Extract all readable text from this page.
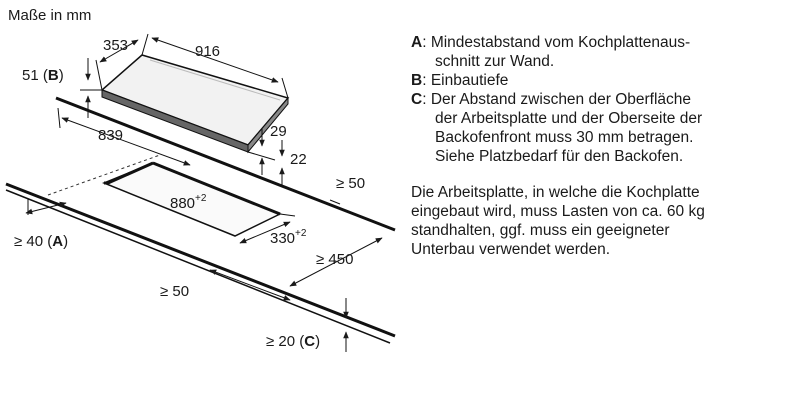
Maße in mm
353	916
51 (B)
839	29
22
≥ 50
$880^{+2}$
$330^{+2}$
≥ 40 (A)
≥ 450
≥ 50
≥ 20 (C)
A : Mindestabstand vom Kochplattenaus-
schnitt zur Wand.
B : Einbautiefe
C : Der Abstand zwischen der Oberfläche
der Arbeitsplatte und der Oberseite der
Backofenfront muss 30 mm betragen.
Siehe Platzbedarf für den Backofen.
Die Arbeitsplatte, in welche die Kochplatte
eingebaut wird, muss Lasten von ca. 60 kg
standhalten, ggf. muss ein geeigneter
Unterbau verwendet werden.
